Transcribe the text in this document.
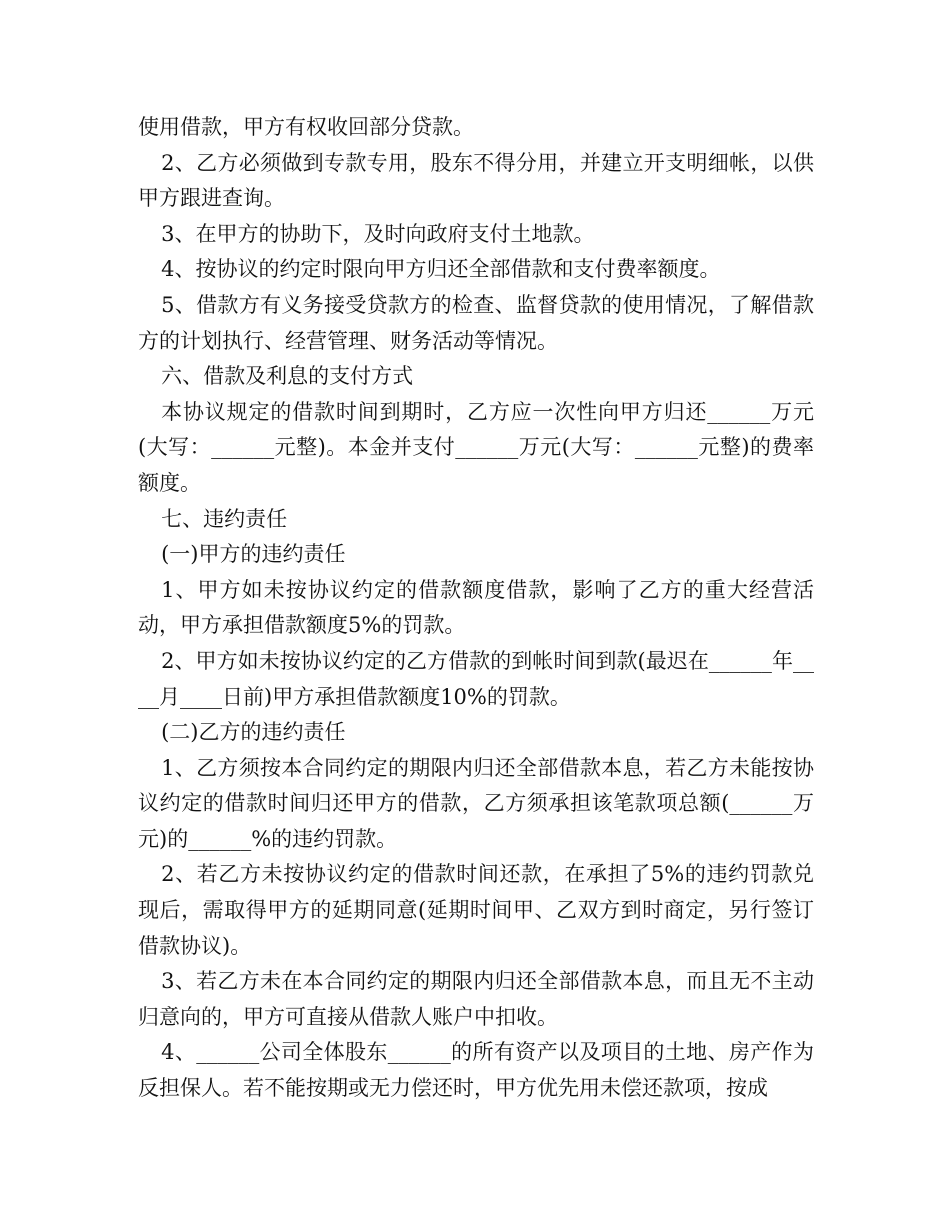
使用借款，甲方有权收回部分贷款。

2、乙方必须做到专款专用，股东不得分用，并建立开支明细帐，以供甲方跟进查询。

3、在甲方的协助下，及时向政府支付土地款。

4、按协议的约定时限向甲方归还全部借款和支付费率额度。

5、借款方有义务接受贷款方的检查、监督贷款的使用情况，了解借款方的计划执行、经营管理、财务活动等情况。

六、借款及利息的支付方式

本协议规定的借款时间到期时，乙方应一次性向甲方归还______万元(大写：______元整)。本金并支付______万元(大写：______元整)的费率额度。

七、违约责任

(一)甲方的违约责任

1、甲方如未按协议约定的借款额度借款，影响了乙方的重大经营活动，甲方承担借款额度5%的罚款。

2、甲方如未按协议约定的乙方借款的到帐时间到款(最迟在______年____月____日前)甲方承担借款额度10%的罚款。

(二)乙方的违约责任

1、乙方须按本合同约定的期限内归还全部借款本息，若乙方未能按协议约定的借款时间归还甲方的借款，乙方须承担该笔款项总额(______万元)的______%的违约罚款。

2、若乙方未按协议约定的借款时间还款，在承担了5%的违约罚款兑现后，需取得甲方的延期同意(延期时间甲、乙双方到时商定，另行签订借款协议)。

3、若乙方未在本合同约定的期限内归还全部借款本息，而且无不主动归意向的，甲方可直接从借款人账户中扣收。

4、______公司全体股东______的所有资产以及项目的土地、房产作为反担保人。若不能按期或无力偿还时，甲方优先用未偿还款项，按成
